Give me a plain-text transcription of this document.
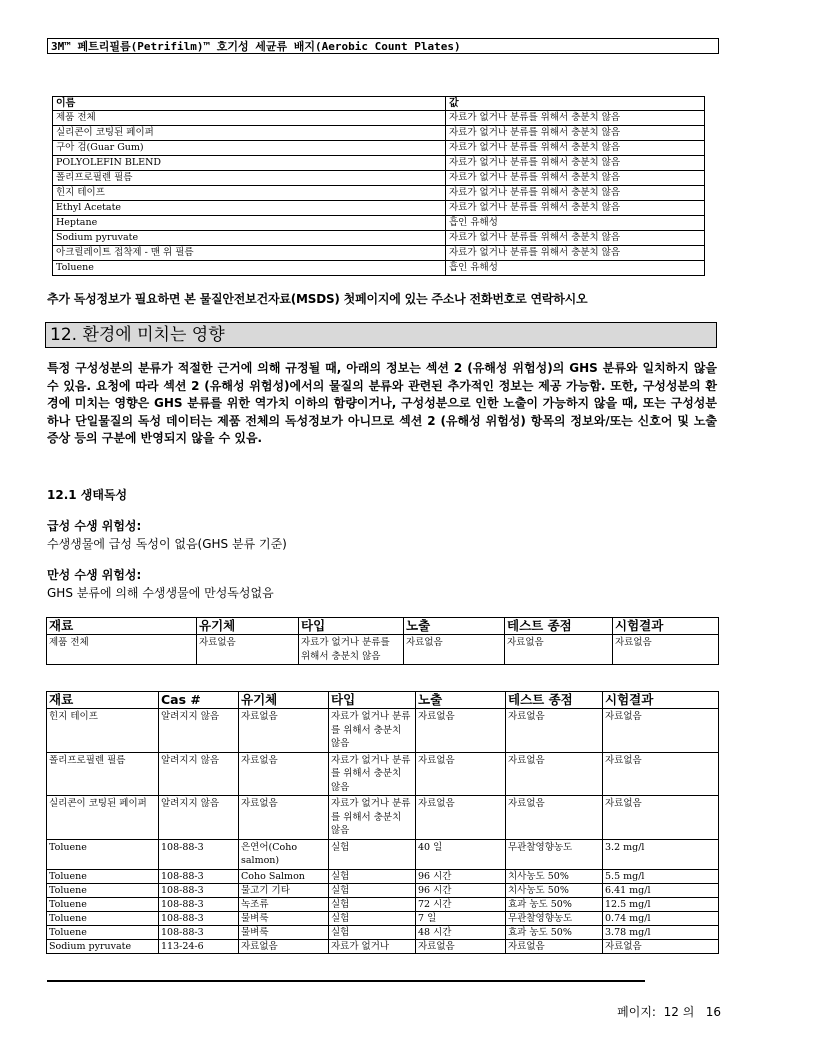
3M™ 페트리필름(Petrifilm)™ 호기성 세균류 배지(Aerobic Count Plates)
이름	값
제품 전체	자료가 없거나 분류를 위해서 충분치 않음
실리콘이 코팅된 페이퍼	자료가 없거나 분류를 위해서 충분치 않음
구아 검(Guar Gum)	자료가 없거나 분류를 위해서 충분치 않음
POLYOLEFIN BLEND	자료가 없거나 분류를 위해서 충분치 않음
폴리프로필렌 필름	자료가 없거나 분류를 위해서 충분치 않음
힌지 테이프	자료가 없거나 분류를 위해서 충분치 않음
Ethyl Acetate	자료가 없거나 분류를 위해서 충분치 않음
Heptane	흡인 유해성
Sodium pyruvate	자료가 없거나 분류를 위해서 충분치 않음
아크릴레이트 접착제 - 맨 위 필름	자료가 없거나 분류를 위해서 충분치 않음
Toluene	흡인 유해성
추가 독성정보가 필요하면 본 물질안전보건자료(MSDS) 첫페이지에 있는 주소나 전화번호로 연락하시오
12. 환경에 미치는 영향
특정 구성성분의 분류가 적절한 근거에 의해 규정될 때, 아래의 정보는 섹션 2 (유해성 위험성)의 GHS 분류와 일치하지 않을 수 있음. 요청에 따라 섹션 2 (유해성 위험성)에서의 물질의 분류와 관련된 추가적인 정보는 제공 가능함. 또한, 구성성분의 환경에 미치는 영향은 GHS 분류를 위한 역가치 이하의 함량이거나, 구성성분으로 인한 노출이 가능하지 않을 때, 또는 구성성분 하나 단일물질의 독성 데이터는 제품 전체의 독성정보가 아니므로 섹션 2 (유해성 위험성) 항목의 정보와/또는 신호어 및 노출 증상 등의 구분에 반영되지 않을 수 있음.
12.1 생태독성
급성 수생 위험성:
수생생물에 급성 독성이 없음(GHS 분류 기준)
만성 수생 위험성:
GHS 분류에 의해 수생생물에 만성독성없음
재료	유기체	타입	노출	테스트 종점	시험결과
제품 전체	자료없음	자료가 없거나 분류를 위해서 충분치 않음	자료없음	자료없음	자료없음
재료	Cas #	유기체	타입	노출	테스트 종점	시험결과
힌지 테이프	알려지지 않음	자료없음	자료가 없거나 분류를 위해서 충분치 않음	자료없음	자료없음	자료없음
폴리프로필렌 필름	알려지지 않음	자료없음	자료가 없거나 분류를 위해서 충분치 않음	자료없음	자료없음	자료없음
실리콘이 코팅된 페이퍼	알려지지 않음	자료없음	자료가 없거나 분류를 위해서 충분치 않음	자료없음	자료없음	자료없음
Toluene	108-88-3	은연어(Coho salmon)	실험	40 일	무관찰영향농도	3.2 mg/l
Toluene	108-88-3	Coho Salmon	실험	96 시간	치사농도 50%	5.5 mg/l
Toluene	108-88-3	물고기 기타	실험	96 시간	치사농도 50%	6.41 mg/l
Toluene	108-88-3	녹조류	실험	72 시간	효과 농도 50%	12.5 mg/l
Toluene	108-88-3	물벼룩	실험	7 일	무관찰영향농도	0.74 mg/l
Toluene	108-88-3	물벼룩	실험	48 시간	효과 농도 50%	3.78 mg/l
Sodium pyruvate	113-24-6	자료없음	자료가 없거나	자료없음	자료없음	자료없음
페이지:  12 의   16
